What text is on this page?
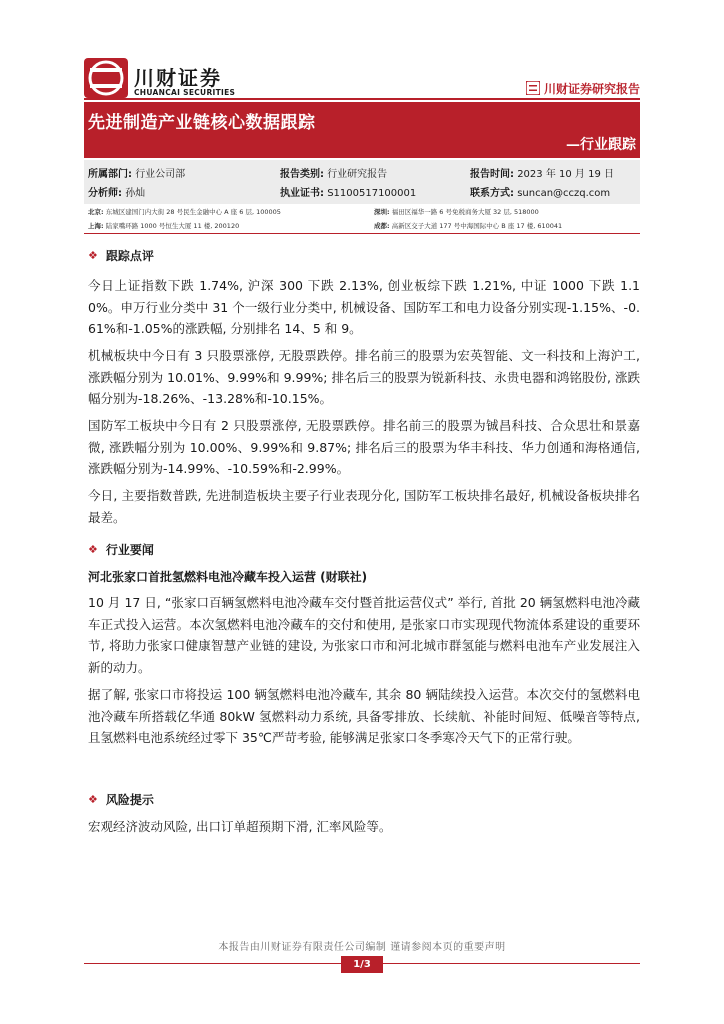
川财证券
CHUANCAI SECURITIES	川财证券研究报告
先进制造产业链核心数据跟踪
—行业跟踪
所属部门: 行业公司部	报告类别: 行业研究报告	报告时间: 2023 年 10 月 19 日
分析师: 孙灿	执业证书: S1100517100001	联系方式: suncan@cczq.com
北京: 东城区建国门内大街 28 号民生金融中心 A 座 6 层, 100005	深圳: 福田区福华一路 6 号免税商务大厦 32 层, 518000
上海: 陆家嘴环路 1000 号恒生大厦 11 楼, 200120	成都: 高新区交子大道 177 号中海国际中心 B 座 17 楼, 610041
❖ 跟踪点评
今日上证指数下跌 1.74%, 沪深 300 下跌 2.13%, 创业板综下跌 1.21%, 中证 1000 下跌 1.10%。申万行业分类中 31 个一级行业分类中, 机械设备、国防军工和电力设备分别实现-1.15%、-0.61%和-1.05%的涨跌幅, 分别排名 14、5 和 9。
机械板块中今日有 3 只股票涨停, 无股票跌停。排名前三的股票为宏英智能、文一科技和上海沪工, 涨跌幅分别为 10.01%、9.99%和 9.99%; 排名后三的股票为锐新科技、永贵电器和鸿铭股份, 涨跌幅分别为-18.26%、-13.28%和-10.15%。
国防军工板块中今日有 2 只股票涨停, 无股票跌停。排名前三的股票为铖昌科技、合众思壮和景嘉微, 涨跌幅分别为 10.00%、9.99%和 9.87%; 排名后三的股票为华丰科技、华力创通和海格通信, 涨跌幅分别为-14.99%、-10.59%和-2.99%。
今日, 主要指数普跌, 先进制造板块主要子行业表现分化, 国防军工板块排名最好, 机械设备板块排名最差。
❖ 行业要闻
河北张家口首批氢燃料电池冷藏车投入运营 (财联社)
10 月 17 日, “张家口百辆氢燃料电池冷藏车交付暨首批运营仪式” 举行, 首批 20 辆氢燃料电池冷藏车正式投入运营。本次氢燃料电池冷藏车的交付和使用, 是张家口市实现现代物流体系建设的重要环节, 将助力张家口健康智慧产业链的建设, 为张家口市和河北城市群氢能与燃料电池车产业发展注入新的动力。
据了解, 张家口市将投运 100 辆氢燃料电池冷藏车, 其余 80 辆陆续投入运营。本次交付的氢燃料电池冷藏车所搭载亿华通 80kW 氢燃料动力系统, 具备零排放、长续航、补能时间短、低噪音等特点, 且氢燃料电池系统经过零下 35℃严苛考验, 能够满足张家口冬季寒冷天气下的正常行驶。
❖ 风险提示
宏观经济波动风险, 出口订单超预期下滑, 汇率风险等。
本报告由川财证券有限责任公司编制 谨请参阅本页的重要声明
1/3
